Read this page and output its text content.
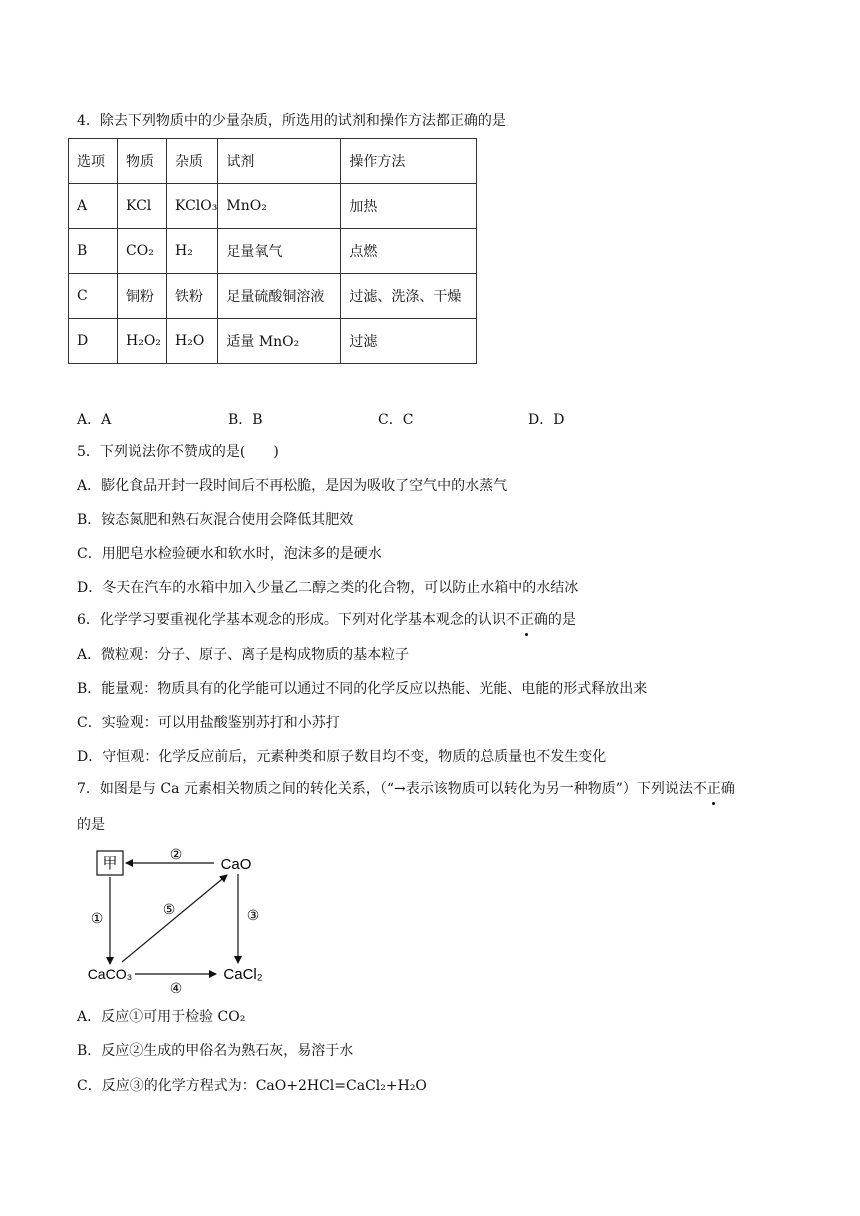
4．除去下列物质中的少量杂质，所选用的试剂和操作方法都正确的是
选项	物质	杂质	试剂	操作方法
A	KCl	KClO₃	MnO₂	加热
B	CO₂	H₂	足量氧气	点燃
C	铜粉	铁粉	足量硫酸铜溶液	过滤、洗涤、干燥
D	H₂O₂	H₂O	适量 MnO₂	过滤
A．A	B．B	C．C	D．D
5．下列说法你不赞成的是(　　)
A．膨化食品开封一段时间后不再松脆，是因为吸收了空气中的水蒸气
B．铵态氮肥和熟石灰混合使用会降低其肥效
C．用肥皂水检验硬水和软水时，泡沫多的是硬水
D．冬天在汽车的水箱中加入少量乙二醇之类的化合物，可以防止水箱中的水结冰
6．化学学习要重视化学基本观念的形成。下列对化学基本观念的认识不正确的是
A．微粒观：分子、原子、离子是构成物质的基本粒子
B．能量观：物质具有的化学能可以通过不同的化学反应以热能、光能、电能的形式释放出来
C．实验观：可以用盐酸鉴别苏打和小苏打
D．守恒观：化学反应前后，元素种类和原子数目均不变，物质的总质量也不发生变化
7．如图是与 Ca 元素相关物质之间的转化关系，（“→表示该物质可以转化为另一种物质”）下列说法不正确
的是
甲	CaO
CaCO₃	CaCl₂
②
①	③
④
⑤
A．反应①可用于检验 CO₂
B．反应②生成的甲俗名为熟石灰，易溶于水
C．反应③的化学方程式为：CaO+2HCl=CaCl₂+H₂O
